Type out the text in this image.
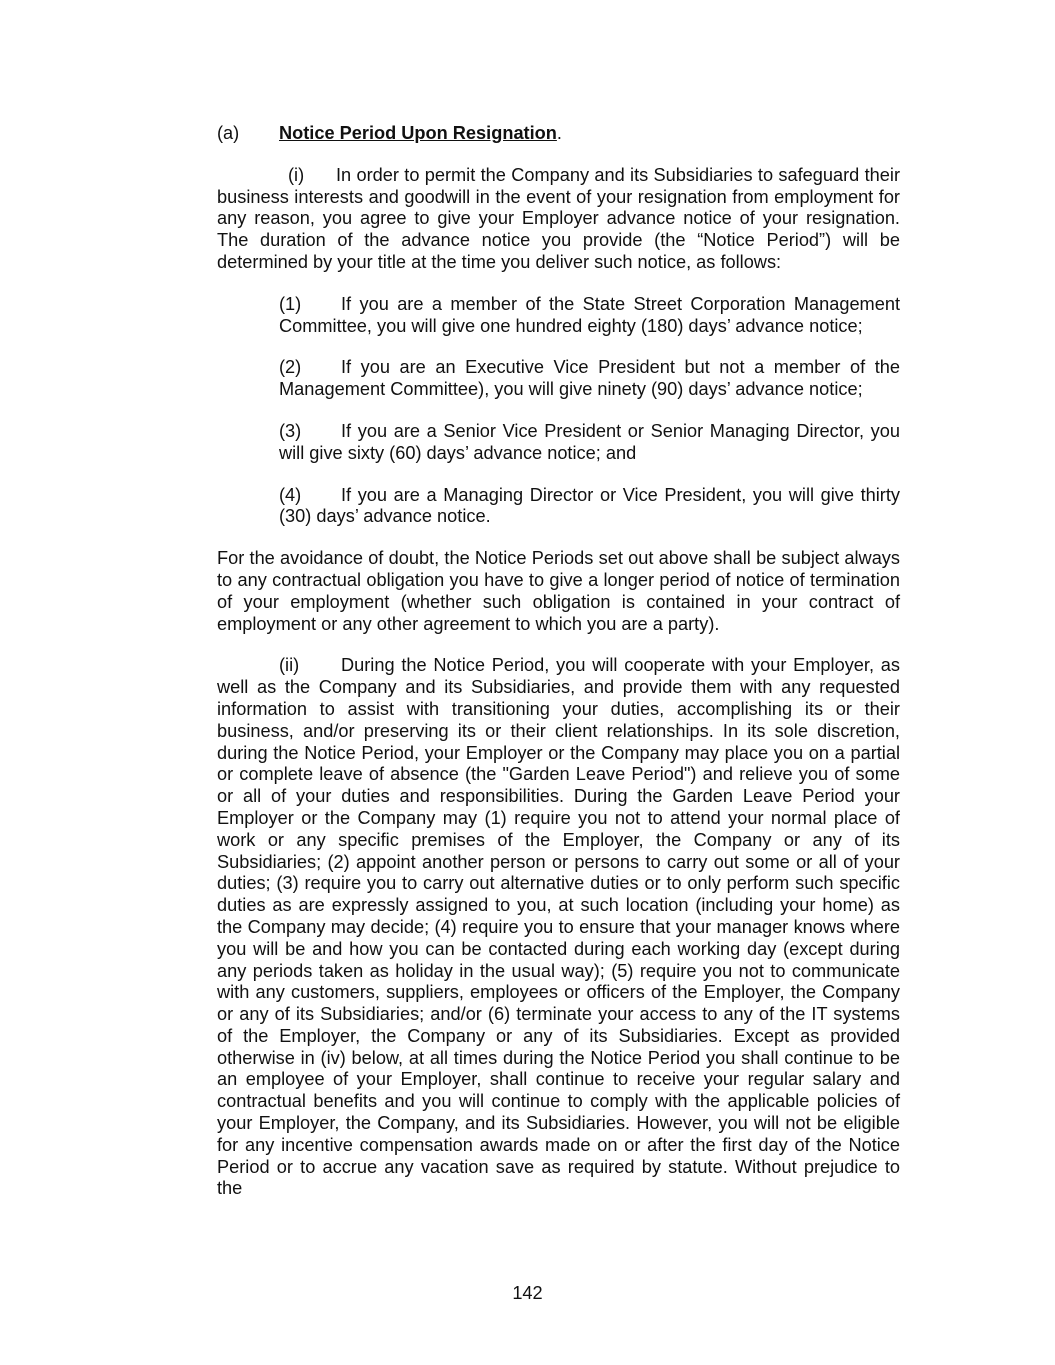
(a) Notice Period Upon Resignation.

(i) In order to permit the Company and its Subsidiaries to safeguard their business interests and goodwill in the event of your resignation from employment for any reason, you agree to give your Employer advance notice of your resignation. The duration of the advance notice you provide (the “Notice Period”) will be determined by your title at the time you deliver such notice, as follows:

(1) If you are a member of the State Street Corporation Management Committee, you will give one hundred eighty (180) days’ advance notice;

(2) If you are an Executive Vice President but not a member of the Management Committee), you will give ninety (90) days’ advance notice;

(3) If you are a Senior Vice President or Senior Managing Director, you will give sixty (60) days’ advance notice; and

(4) If you are a Managing Director or Vice President, you will give thirty (30) days’ advance notice.

For the avoidance of doubt, the Notice Periods set out above shall be subject always to any contractual obligation you have to give a longer period of notice of termination of your employment (whether such obligation is contained in your contract of employment or any other agreement to which you are a party).

(ii) During the Notice Period, you will cooperate with your Employer, as well as the Company and its Subsidiaries, and provide them with any requested information to assist with transitioning your duties, accomplishing its or their business, and/or preserving its or their client relationships. In its sole discretion, during the Notice Period, your Employer or the Company may place you on a partial or complete leave of absence (the "Garden Leave Period") and relieve you of some or all of your duties and responsibilities. During the Garden Leave Period your Employer or the Company may (1) require you not to attend your normal place of work or any specific premises of the Employer, the Company or any of its Subsidiaries; (2) appoint another person or persons to carry out some or all of your duties; (3) require you to carry out alternative duties or to only perform such specific duties as are expressly assigned to you, at such location (including your home) as the Company may decide; (4) require you to ensure that your manager knows where you will be and how you can be contacted during each working day (except during any periods taken as holiday in the usual way); (5) require you not to communicate with any customers, suppliers, employees or officers of the Employer, the Company or any of its Subsidiaries; and/or (6) terminate your access to any of the IT systems of the Employer, the Company or any of its Subsidiaries. Except as provided otherwise in (iv) below, at all times during the Notice Period you shall continue to be an employee of your Employer, shall continue to receive your regular salary and contractual benefits and you will continue to comply with the applicable policies of your Employer, the Company, and its Subsidiaries. However, you will not be eligible for any incentive compensation awards made on or after the first day of the Notice Period or to accrue any vacation save as required by statute. Without prejudice to the

142
